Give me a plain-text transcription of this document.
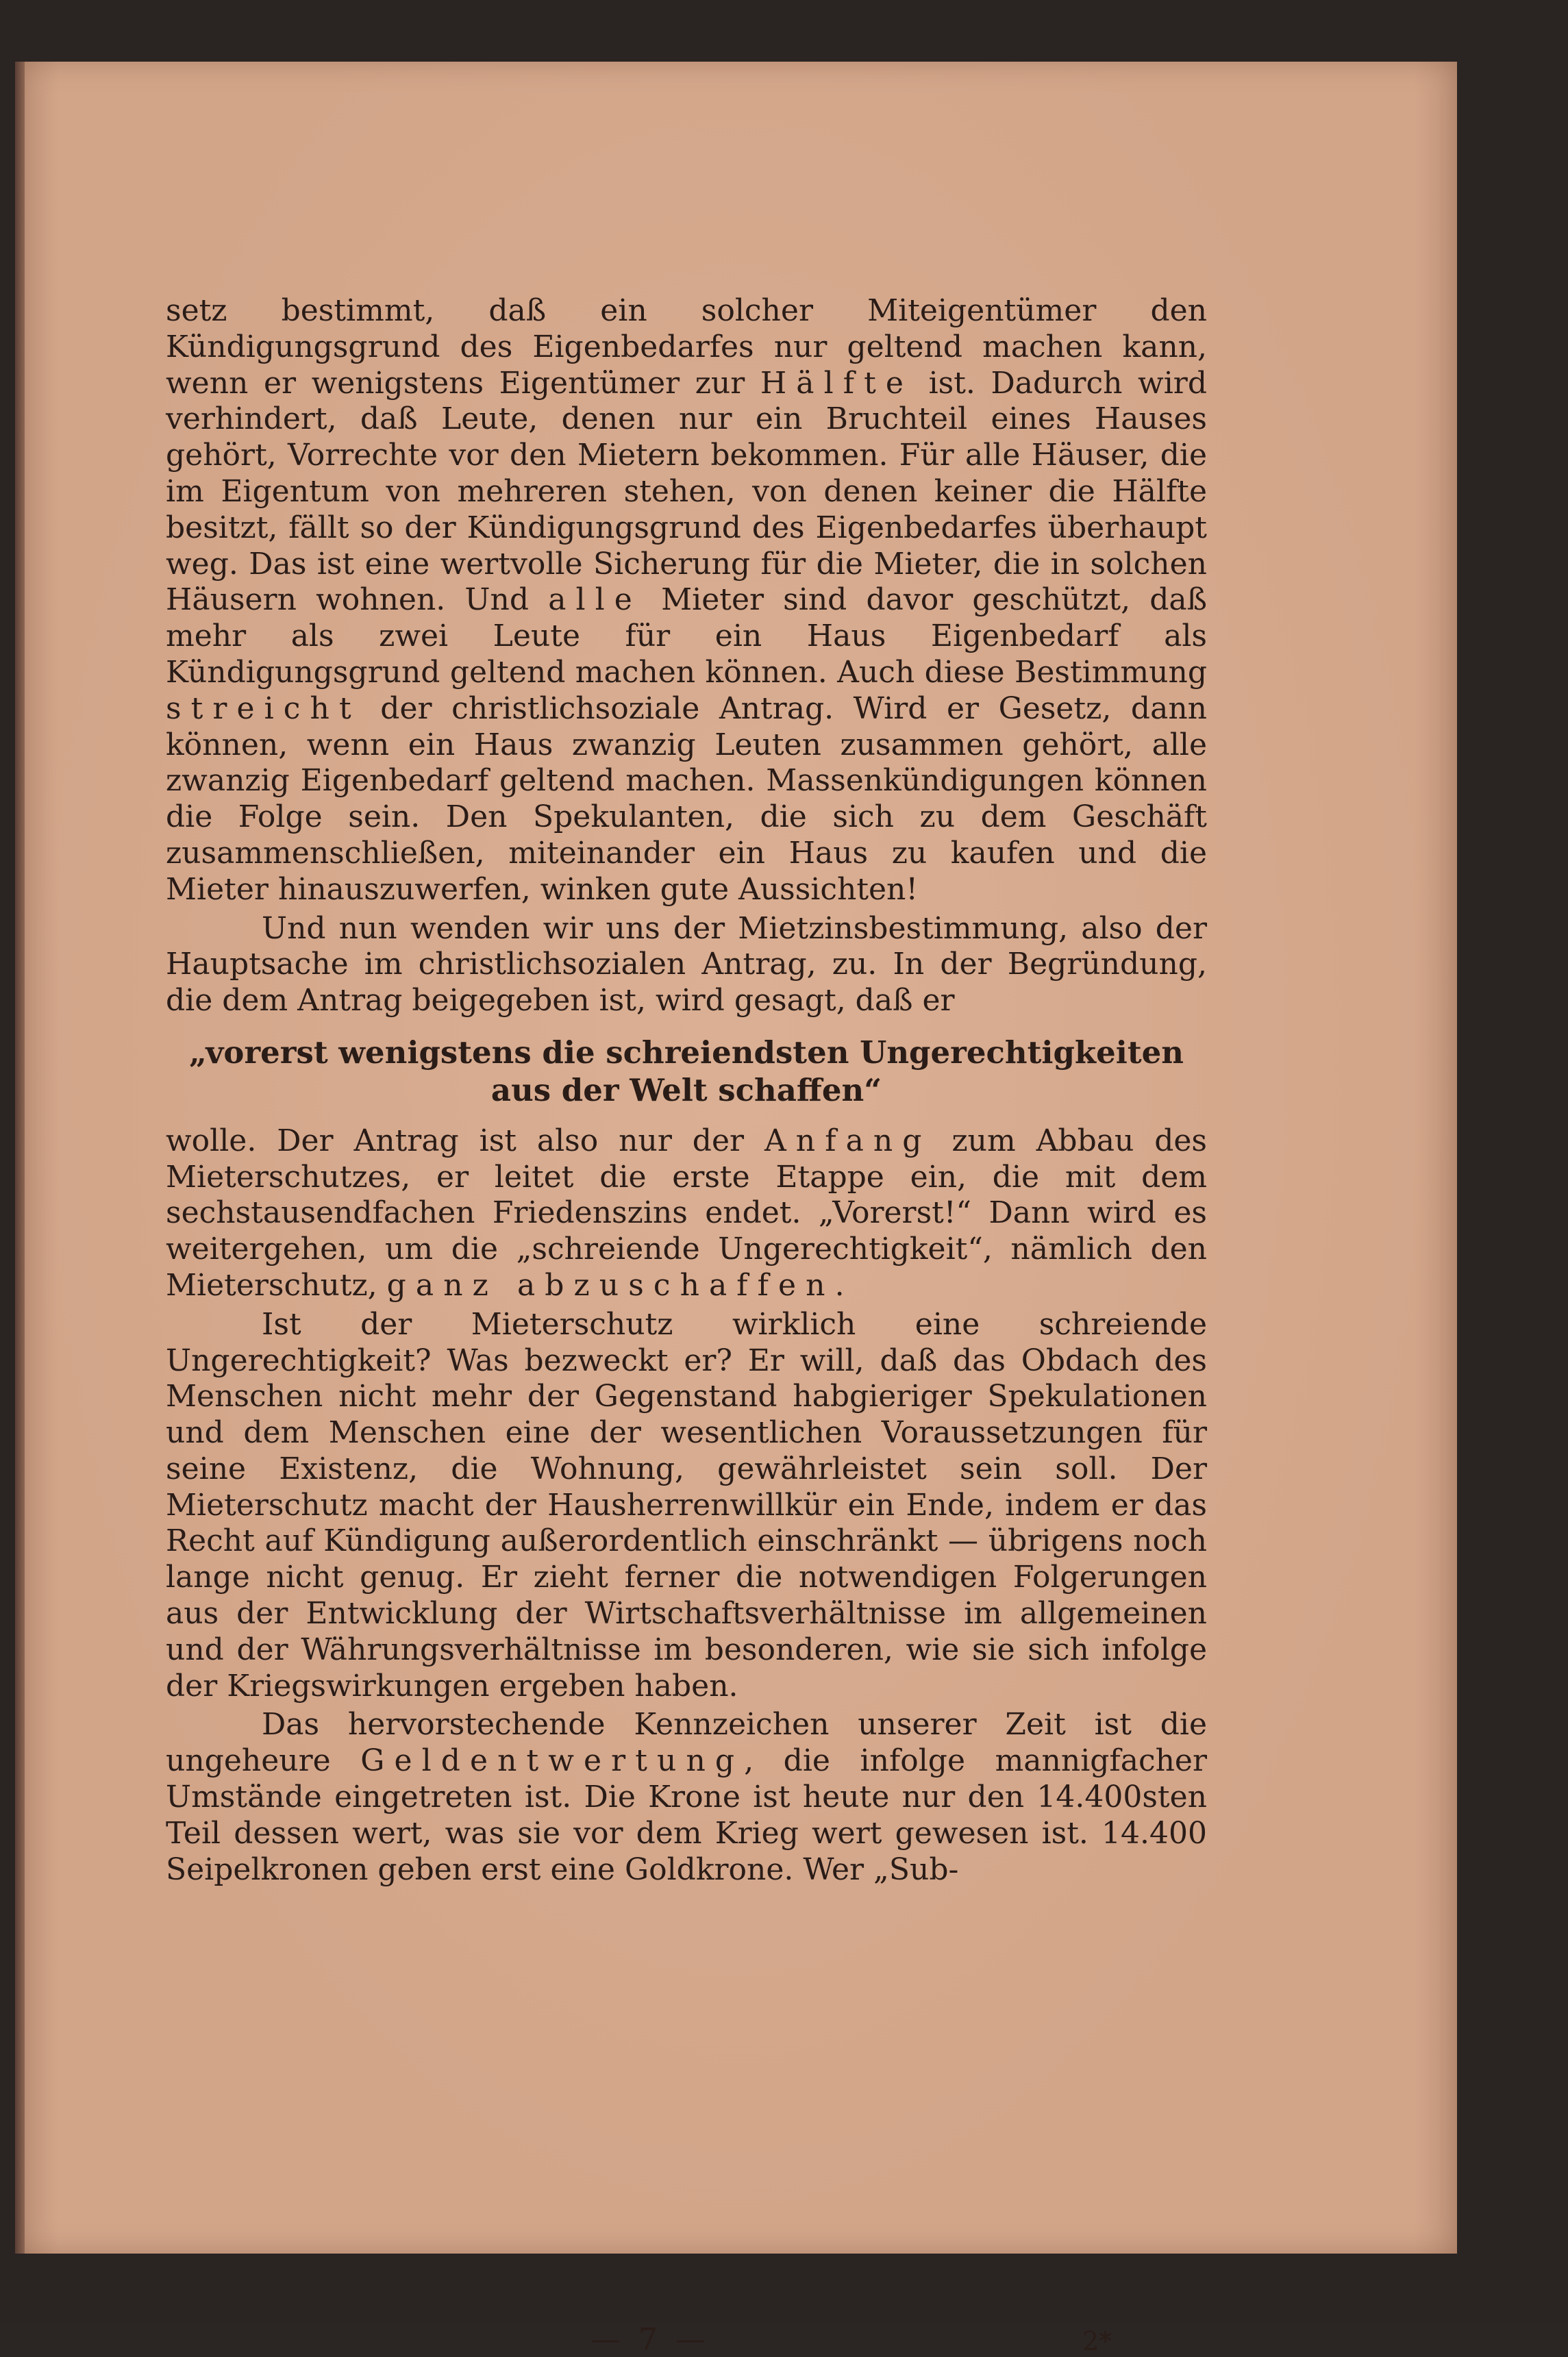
setz bestimmt, daß ein solcher Miteigentümer den Kündigungsgrund des Eigenbedarfes nur geltend machen kann, wenn er wenigstens Eigentümer zur Hälfte ist. Dadurch wird verhindert, daß Leute, denen nur ein Bruchteil eines Hauses gehört, Vorrechte vor den Mietern bekommen. Für alle Häuser, die im Eigentum von mehreren stehen, von denen keiner die Hälfte besitzt, fällt so der Kündigungsgrund des Eigenbedarfes überhaupt weg. Das ist eine wertvolle Sicherung für die Mieter, die in solchen Häusern wohnen. Und alle Mieter sind davor geschützt, daß mehr als zwei Leute für ein Haus Eigenbedarf als Kündigungsgrund geltend machen können. Auch diese Bestimmung streicht der christlichsoziale Antrag. Wird er Gesetz, dann können, wenn ein Haus zwanzig Leuten zusammen gehört, alle zwanzig Eigenbedarf geltend machen. Massenkündigungen können die Folge sein. Den Spekulanten, die sich zu dem Geschäft zusammenschließen, miteinander ein Haus zu kaufen und die Mieter hinauszuwerfen, winken gute Aussichten!

Und nun wenden wir uns der Mietzinsbestimmung, also der Hauptsache im christlichsozialen Antrag, zu. In der Begründung, die dem Antrag beigegeben ist, wird gesagt, daß er

„vorerst wenigstens die schreiendsten Ungerechtigkeiten aus der Welt schaffen“

wolle. Der Antrag ist also nur der Anfang zum Abbau des Mieterschutzes, er leitet die erste Etappe ein, die mit dem sechstausendfachen Friedenszins endet. „Vorerst!“ Dann wird es weitergehen, um die „schreiende Ungerechtigkeit“, nämlich den Mieterschutz, ganz abzuschaffen.

Ist der Mieterschutz wirklich eine schreiende Ungerechtigkeit? Was bezweckt er? Er will, daß das Obdach des Menschen nicht mehr der Gegenstand habgieriger Spekulationen und dem Menschen eine der wesentlichen Voraussetzungen für seine Existenz, die Wohnung, gewährleistet sein soll. Der Mieterschutz macht der Hausherrenwillkür ein Ende, indem er das Recht auf Kündigung außerordentlich einschränkt — übrigens noch lange nicht genug. Er zieht ferner die notwendigen Folgerungen aus der Entwicklung der Wirtschaftsverhältnisse im allgemeinen und der Währungsverhältnisse im besonderen, wie sie sich infolge der Kriegswirkungen ergeben haben.

Das hervorstechende Kennzeichen unserer Zeit ist die ungeheure Geldentwertung, die infolge mannigfacher Umstände eingetreten ist. Die Krone ist heute nur den 14.400sten Teil dessen wert, was sie vor dem Krieg wert gewesen ist. 14.400 Seipelkronen geben erst eine Goldkrone. Wer „Sub-

— 7 —	2*
